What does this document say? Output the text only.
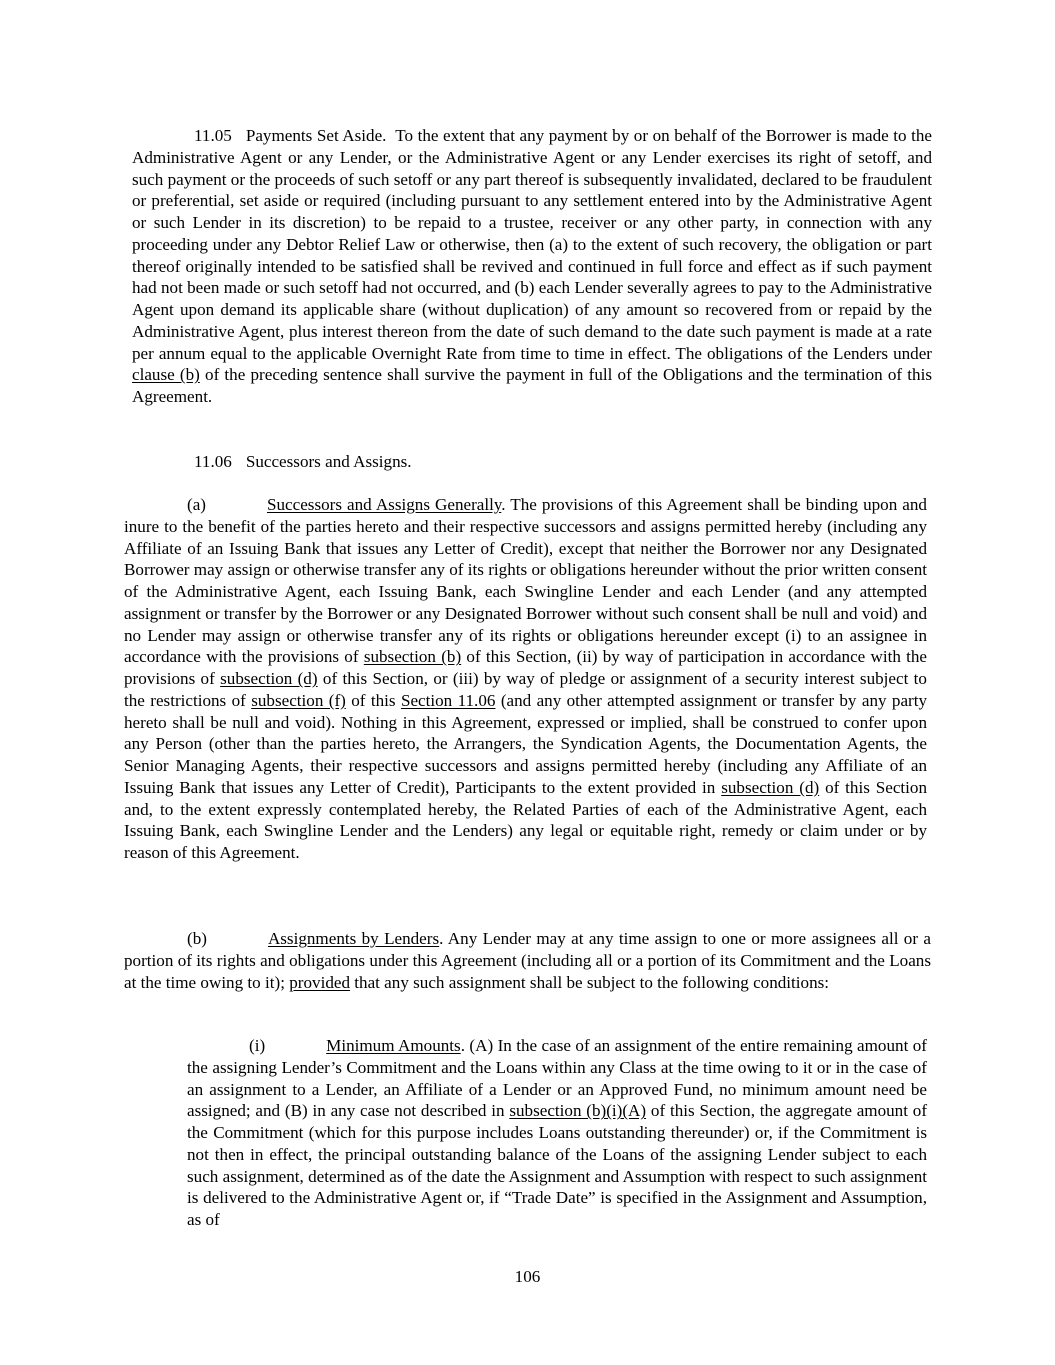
11.05 Payments Set Aside. To the extent that any payment by or on behalf of the Borrower is made to the Administrative Agent or any Lender, or the Administrative Agent or any Lender exercises its right of setoff, and such payment or the proceeds of such setoff or any part thereof is subsequently invalidated, declared to be fraudulent or preferential, set aside or required (including pursuant to any settlement entered into by the Administrative Agent or such Lender in its discretion) to be repaid to a trustee, receiver or any other party, in connection with any proceeding under any Debtor Relief Law or otherwise, then (a) to the extent of such recovery, the obligation or part thereof originally intended to be satisfied shall be revived and continued in full force and effect as if such payment had not been made or such setoff had not occurred, and (b) each Lender severally agrees to pay to the Administrative Agent upon demand its applicable share (without duplication) of any amount so recovered from or repaid by the Administrative Agent, plus interest thereon from the date of such demand to the date such payment is made at a rate per annum equal to the applicable Overnight Rate from time to time in effect. The obligations of the Lenders under clause (b) of the preceding sentence shall survive the payment in full of the Obligations and the termination of this Agreement.

11.06 Successors and Assigns.

(a)	Successors and Assigns Generally. The provisions of this Agreement shall be binding upon and inure to the benefit of the parties hereto and their respective successors and assigns permitted hereby (including any Affiliate of an Issuing Bank that issues any Letter of Credit), except that neither the Borrower nor any Designated Borrower may assign or otherwise transfer any of its rights or obligations hereunder without the prior written consent of the Administrative Agent, each Issuing Bank, each Swingline Lender and each Lender (and any attempted assignment or transfer by the Borrower or any Designated Borrower without such consent shall be null and void) and no Lender may assign or otherwise transfer any of its rights or obligations hereunder except (i) to an assignee in accordance with the provisions of subsection (b) of this Section, (ii) by way of participation in accordance with the provisions of subsection (d) of this Section, or (iii) by way of pledge or assignment of a security interest subject to the restrictions of subsection (f) of this Section 11.06 (and any other attempted assignment or transfer by any party hereto shall be null and void). Nothing in this Agreement, expressed or implied, shall be construed to confer upon any Person (other than the parties hereto, the Arrangers, the Syndication Agents, the Documentation Agents, the Senior Managing Agents, their respective successors and assigns permitted hereby (including any Affiliate of an Issuing Bank that issues any Letter of Credit), Participants to the extent provided in subsection (d) of this Section and, to the extent expressly contemplated hereby, the Related Parties of each of the Administrative Agent, each Issuing Bank, each Swingline Lender and the Lenders) any legal or equitable right, remedy or claim under or by reason of this Agreement.

(b)	Assignments by Lenders. Any Lender may at any time assign to one or more assignees all or a portion of its rights and obligations under this Agreement (including all or a portion of its Commitment and the Loans at the time owing to it); provided that any such assignment shall be subject to the following conditions:

(i)	Minimum Amounts. (A) In the case of an assignment of the entire remaining amount of the assigning Lender’s Commitment and the Loans within any Class at the time owing to it or in the case of an assignment to a Lender, an Affiliate of a Lender or an Approved Fund, no minimum amount need be assigned; and (B) in any case not described in subsection (b)(i)(A) of this Section, the aggregate amount of the Commitment (which for this purpose includes Loans outstanding thereunder) or, if the Commitment is not then in effect, the principal outstanding balance of the Loans of the assigning Lender subject to each such assignment, determined as of the date the Assignment and Assumption with respect to such assignment is delivered to the Administrative Agent or, if “Trade Date” is specified in the Assignment and Assumption, as of

106
